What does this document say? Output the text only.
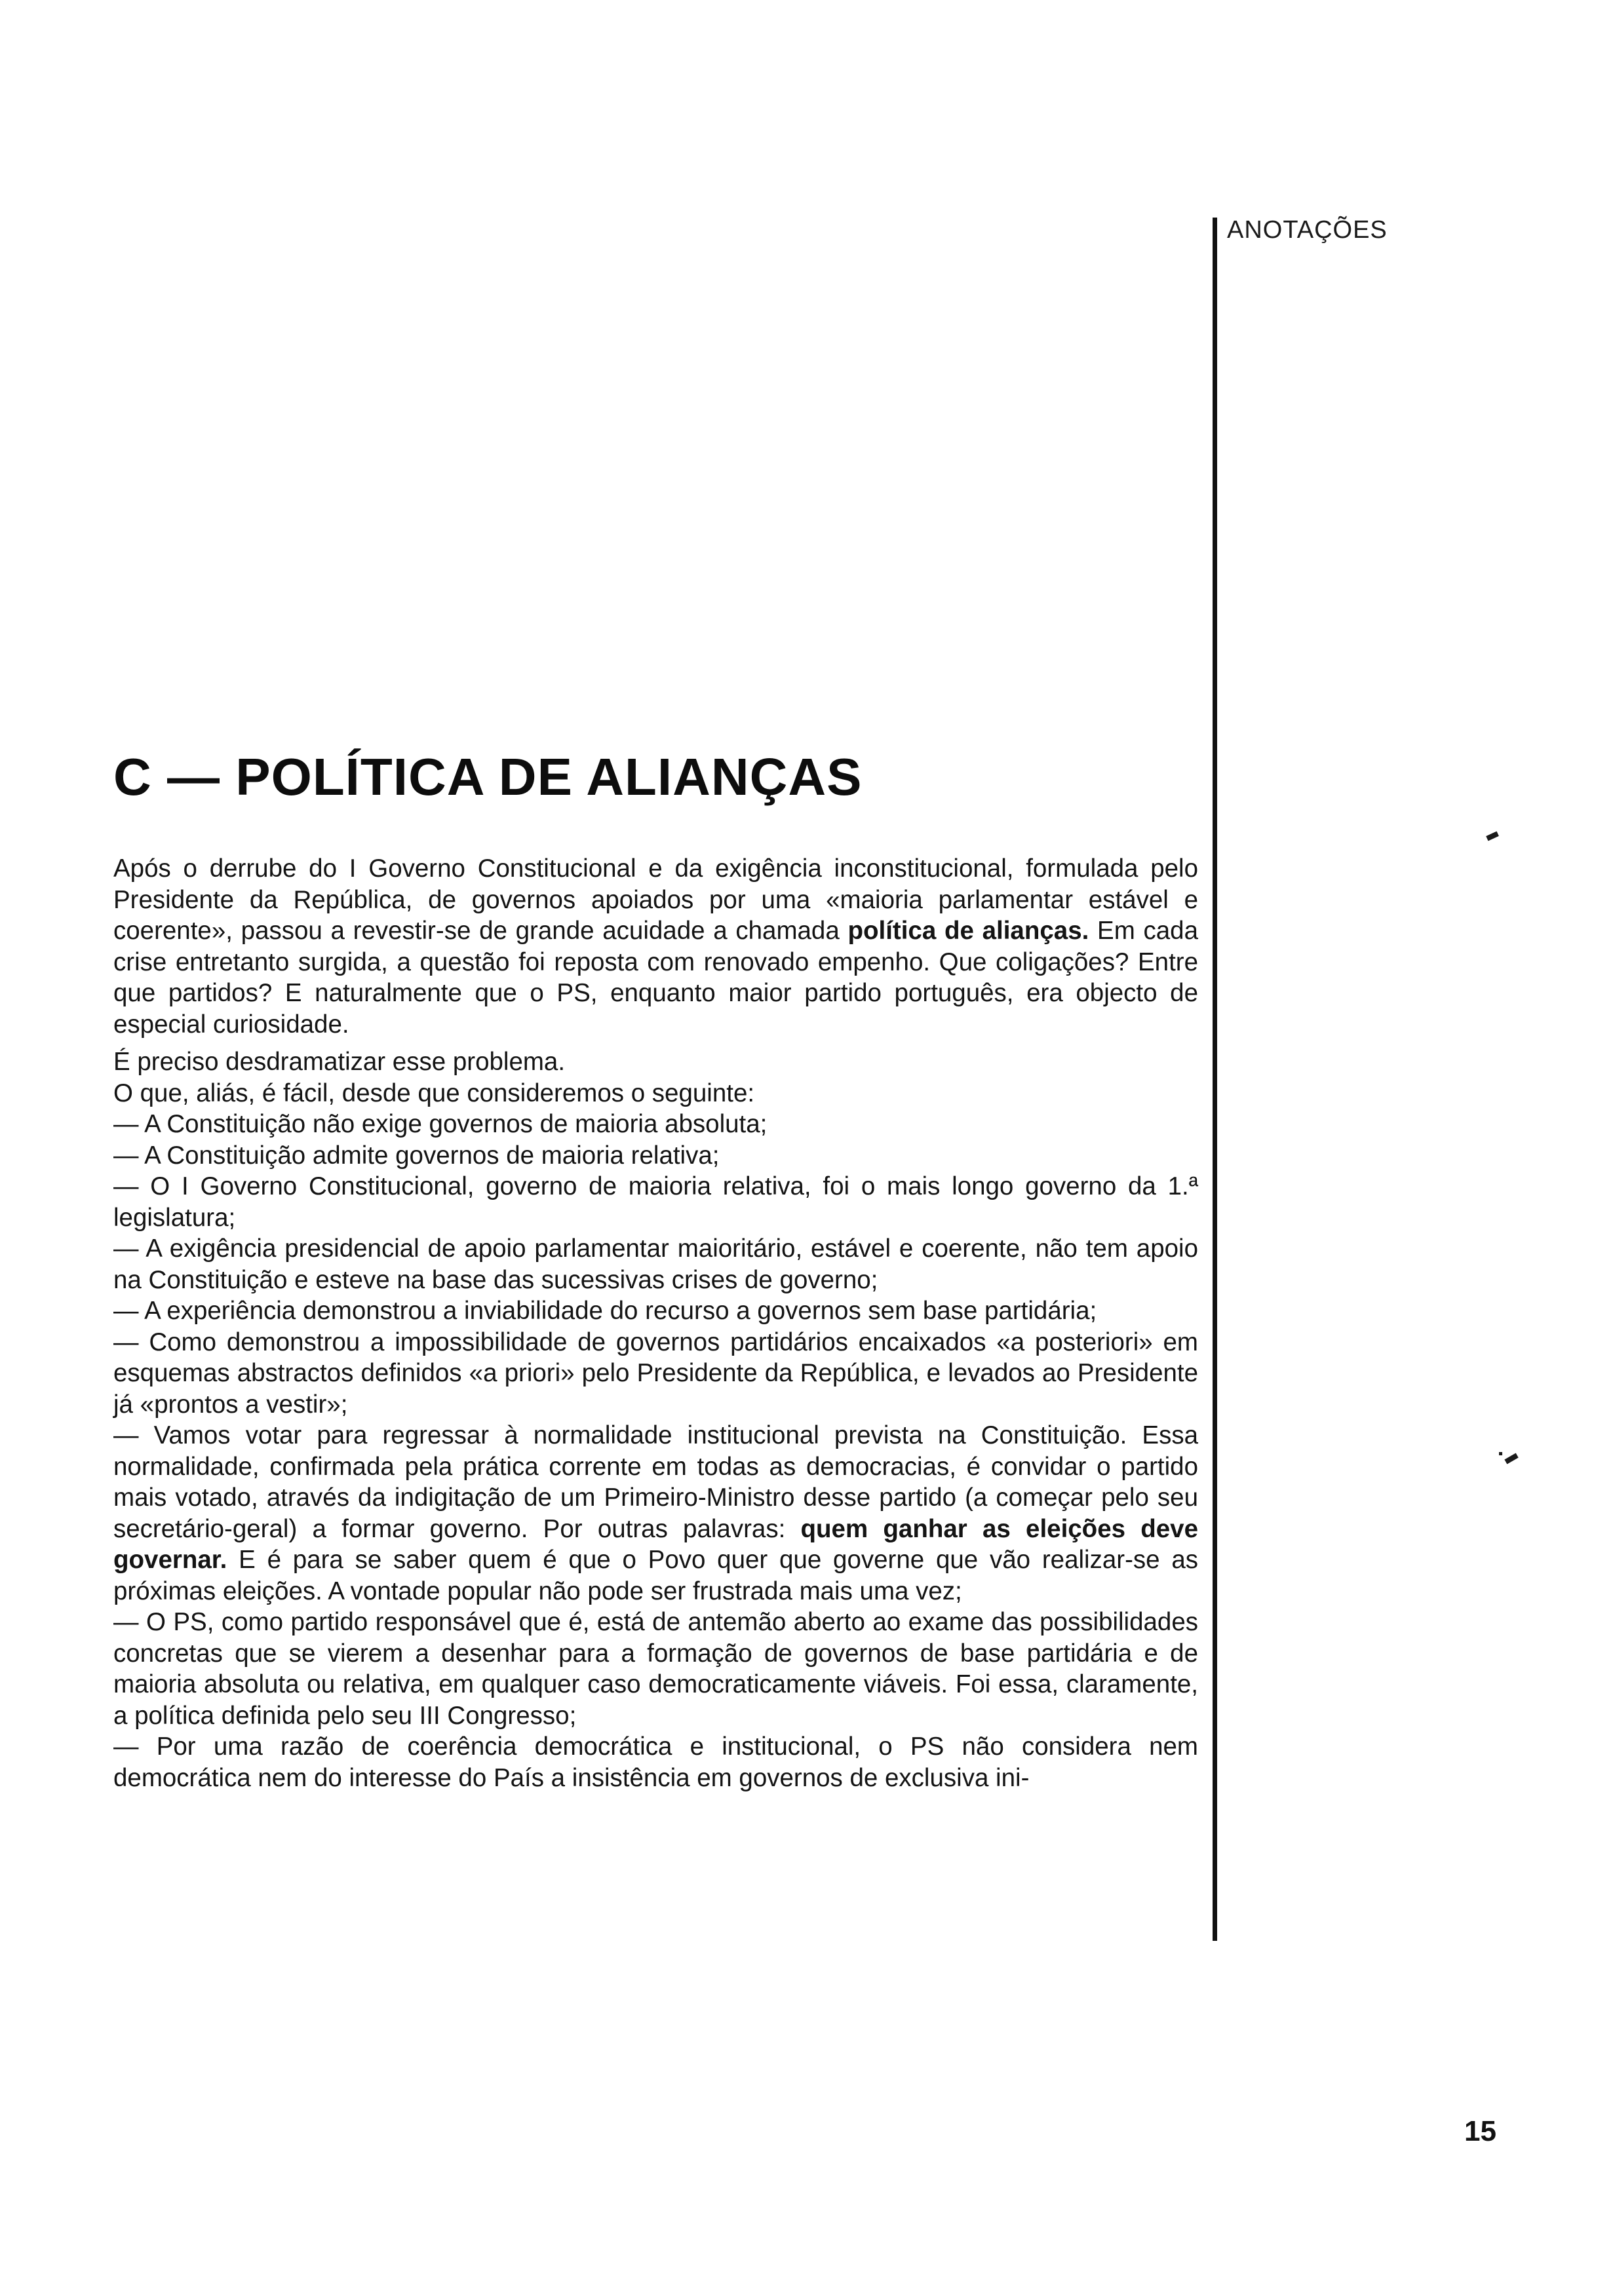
ANOTAÇÕES
C — POLÍTICA DE ALIANÇAS

Após o derrube do I Governo Constitucional e da exigência inconstitucional, formulada pelo Presidente da República, de governos apoiados por uma «maioria parlamentar estável e coerente», passou a revestir-se de grande acuidade a chamada política de alianças. Em cada crise entretanto surgida, a questão foi reposta com renovado empenho. Que coligações? Entre que partidos? E naturalmente que o PS, enquanto maior partido português, era objecto de especial curiosidade.

É preciso desdramatizar esse problema.

O que, aliás, é fácil, desde que consideremos o seguinte:

— A Constituição não exige governos de maioria absoluta;

— A Constituição admite governos de maioria relativa;

— O I Governo Constitucional, governo de maioria relativa, foi o mais longo governo da 1.ª legislatura;

— A exigência presidencial de apoio parlamentar maioritário, estável e coerente, não tem apoio na Constituição e esteve na base das sucessivas crises de governo;

— A experiência demonstrou a inviabilidade do recurso a governos sem base partidária;

— Como demonstrou a impossibilidade de governos partidários encaixados «a posteriori» em esquemas abstractos definidos «a priori» pelo Presidente da República, e levados ao Presidente já «prontos a vestir»;

— Vamos votar para regressar à normalidade institucional prevista na Constituição. Essa normalidade, confirmada pela prática corrente em todas as democracias, é convidar o partido mais votado, através da indigitação de um Primeiro-Ministro desse partido (a começar pelo seu secretário-geral) a formar governo. Por outras palavras: quem ganhar as eleições deve governar. E é para se saber quem é que o Povo quer que governe que vão realizar-se as próximas eleições. A vontade popular não pode ser frustrada mais uma vez;

— O PS, como partido responsável que é, está de antemão aberto ao exame das possibilidades concretas que se vierem a desenhar para a formação de governos de base partidária e de maioria absoluta ou relativa, em qualquer caso democraticamente viáveis. Foi essa, claramente, a política definida pelo seu III Congresso;

— Por uma razão de coerência democrática e institucional, o PS não considera nem democrática nem do interesse do País a insistência em governos de exclusiva ini-

15
